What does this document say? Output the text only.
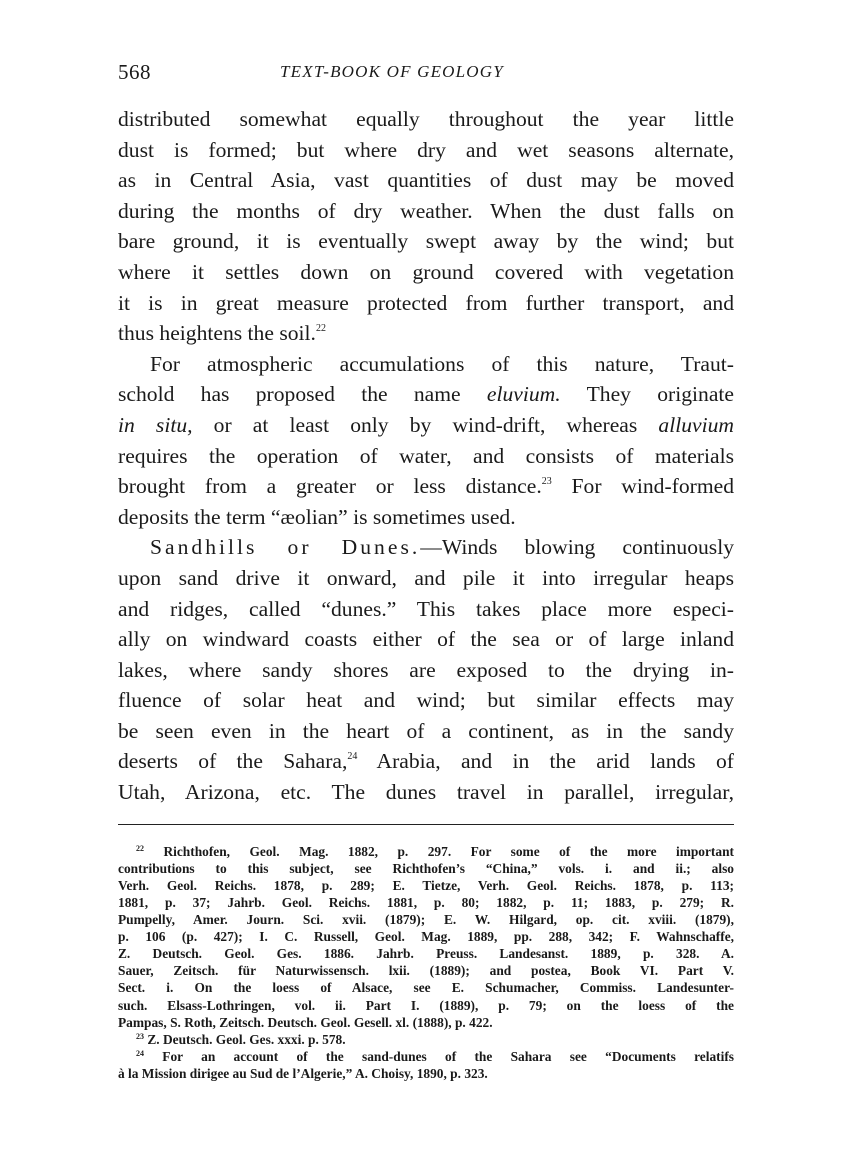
568	TEXT-BOOK OF GEOLOGY
distributed somewhat equally throughout the year little
dust is formed; but where dry and wet seasons alternate,
as in Central Asia, vast quantities of dust may be moved
during the months of dry weather. When the dust falls on
bare ground, it is eventually swept away by the wind; but
where it settles down on ground covered with vegetation
it is in great measure protected from further transport, and
thus heightens the soil.$^{22}$
For atmospheric accumulations of this nature, Traut-
schold has proposed the name eluvium. They originate
in situ, or at least only by wind-drift, whereas alluvium
requires the operation of water, and consists of materials
brought from a greater or less distance.$^{23}$ For wind-formed
deposits the term “æolian” is sometimes used.
Sandhills or Dunes.—Winds blowing continuously
upon sand drive it onward, and pile it into irregular heaps
and ridges, called “dunes.” This takes place more especi-
ally on windward coasts either of the sea or of large inland
lakes, where sandy shores are exposed to the drying in-
fluence of solar heat and wind; but similar effects may
be seen even in the heart of a continent, as in the sandy
deserts of the Sahara,$^{24}$ Arabia, and in the arid lands of
Utah, Arizona, etc. The dunes travel in parallel, irregular,
$^{22}$ Richthofen, Geol. Mag. 1882, p. 297. For some of the more important
contributions to this subject, see Richthofen’s “China,” vols. i. and ii.; also
Verh. Geol. Reichs. 1878, p. 289; E. Tietze, Verh. Geol. Reichs. 1878, p. 113;
1881, p. 37; Jahrb. Geol. Reichs. 1881, p. 80; 1882, p. 11; 1883, p. 279; R.
Pumpelly, Amer. Journ. Sci. xvii. (1879); E. W. Hilgard, op. cit. xviii. (1879),
p. 106 (p. 427); I. C. Russell, Geol. Mag. 1889, pp. 288, 342; F. Wahnschaffe,
Z. Deutsch. Geol. Ges. 1886. Jahrb. Preuss. Landesanst. 1889, p. 328. A.
Sauer, Zeitsch. für Naturwissensch. lxii. (1889); and postea, Book VI. Part V.
Sect. i. On the loess of Alsace, see E. Schumacher, Commiss. Landesunter-
such. Elsass-Lothringen, vol. ii. Part I. (1889), p. 79; on the loess of the
Pampas, S. Roth, Zeitsch. Deutsch. Geol. Gesell. xl. (1888), p. 422.
$^{23}$ Z. Deutsch. Geol. Ges. xxxi. p. 578.
$^{24}$ For an account of the sand-dunes of the Sahara see “Documents relatifs
à la Mission dirigee au Sud de l’Algerie,” A. Choisy, 1890, p. 323.
